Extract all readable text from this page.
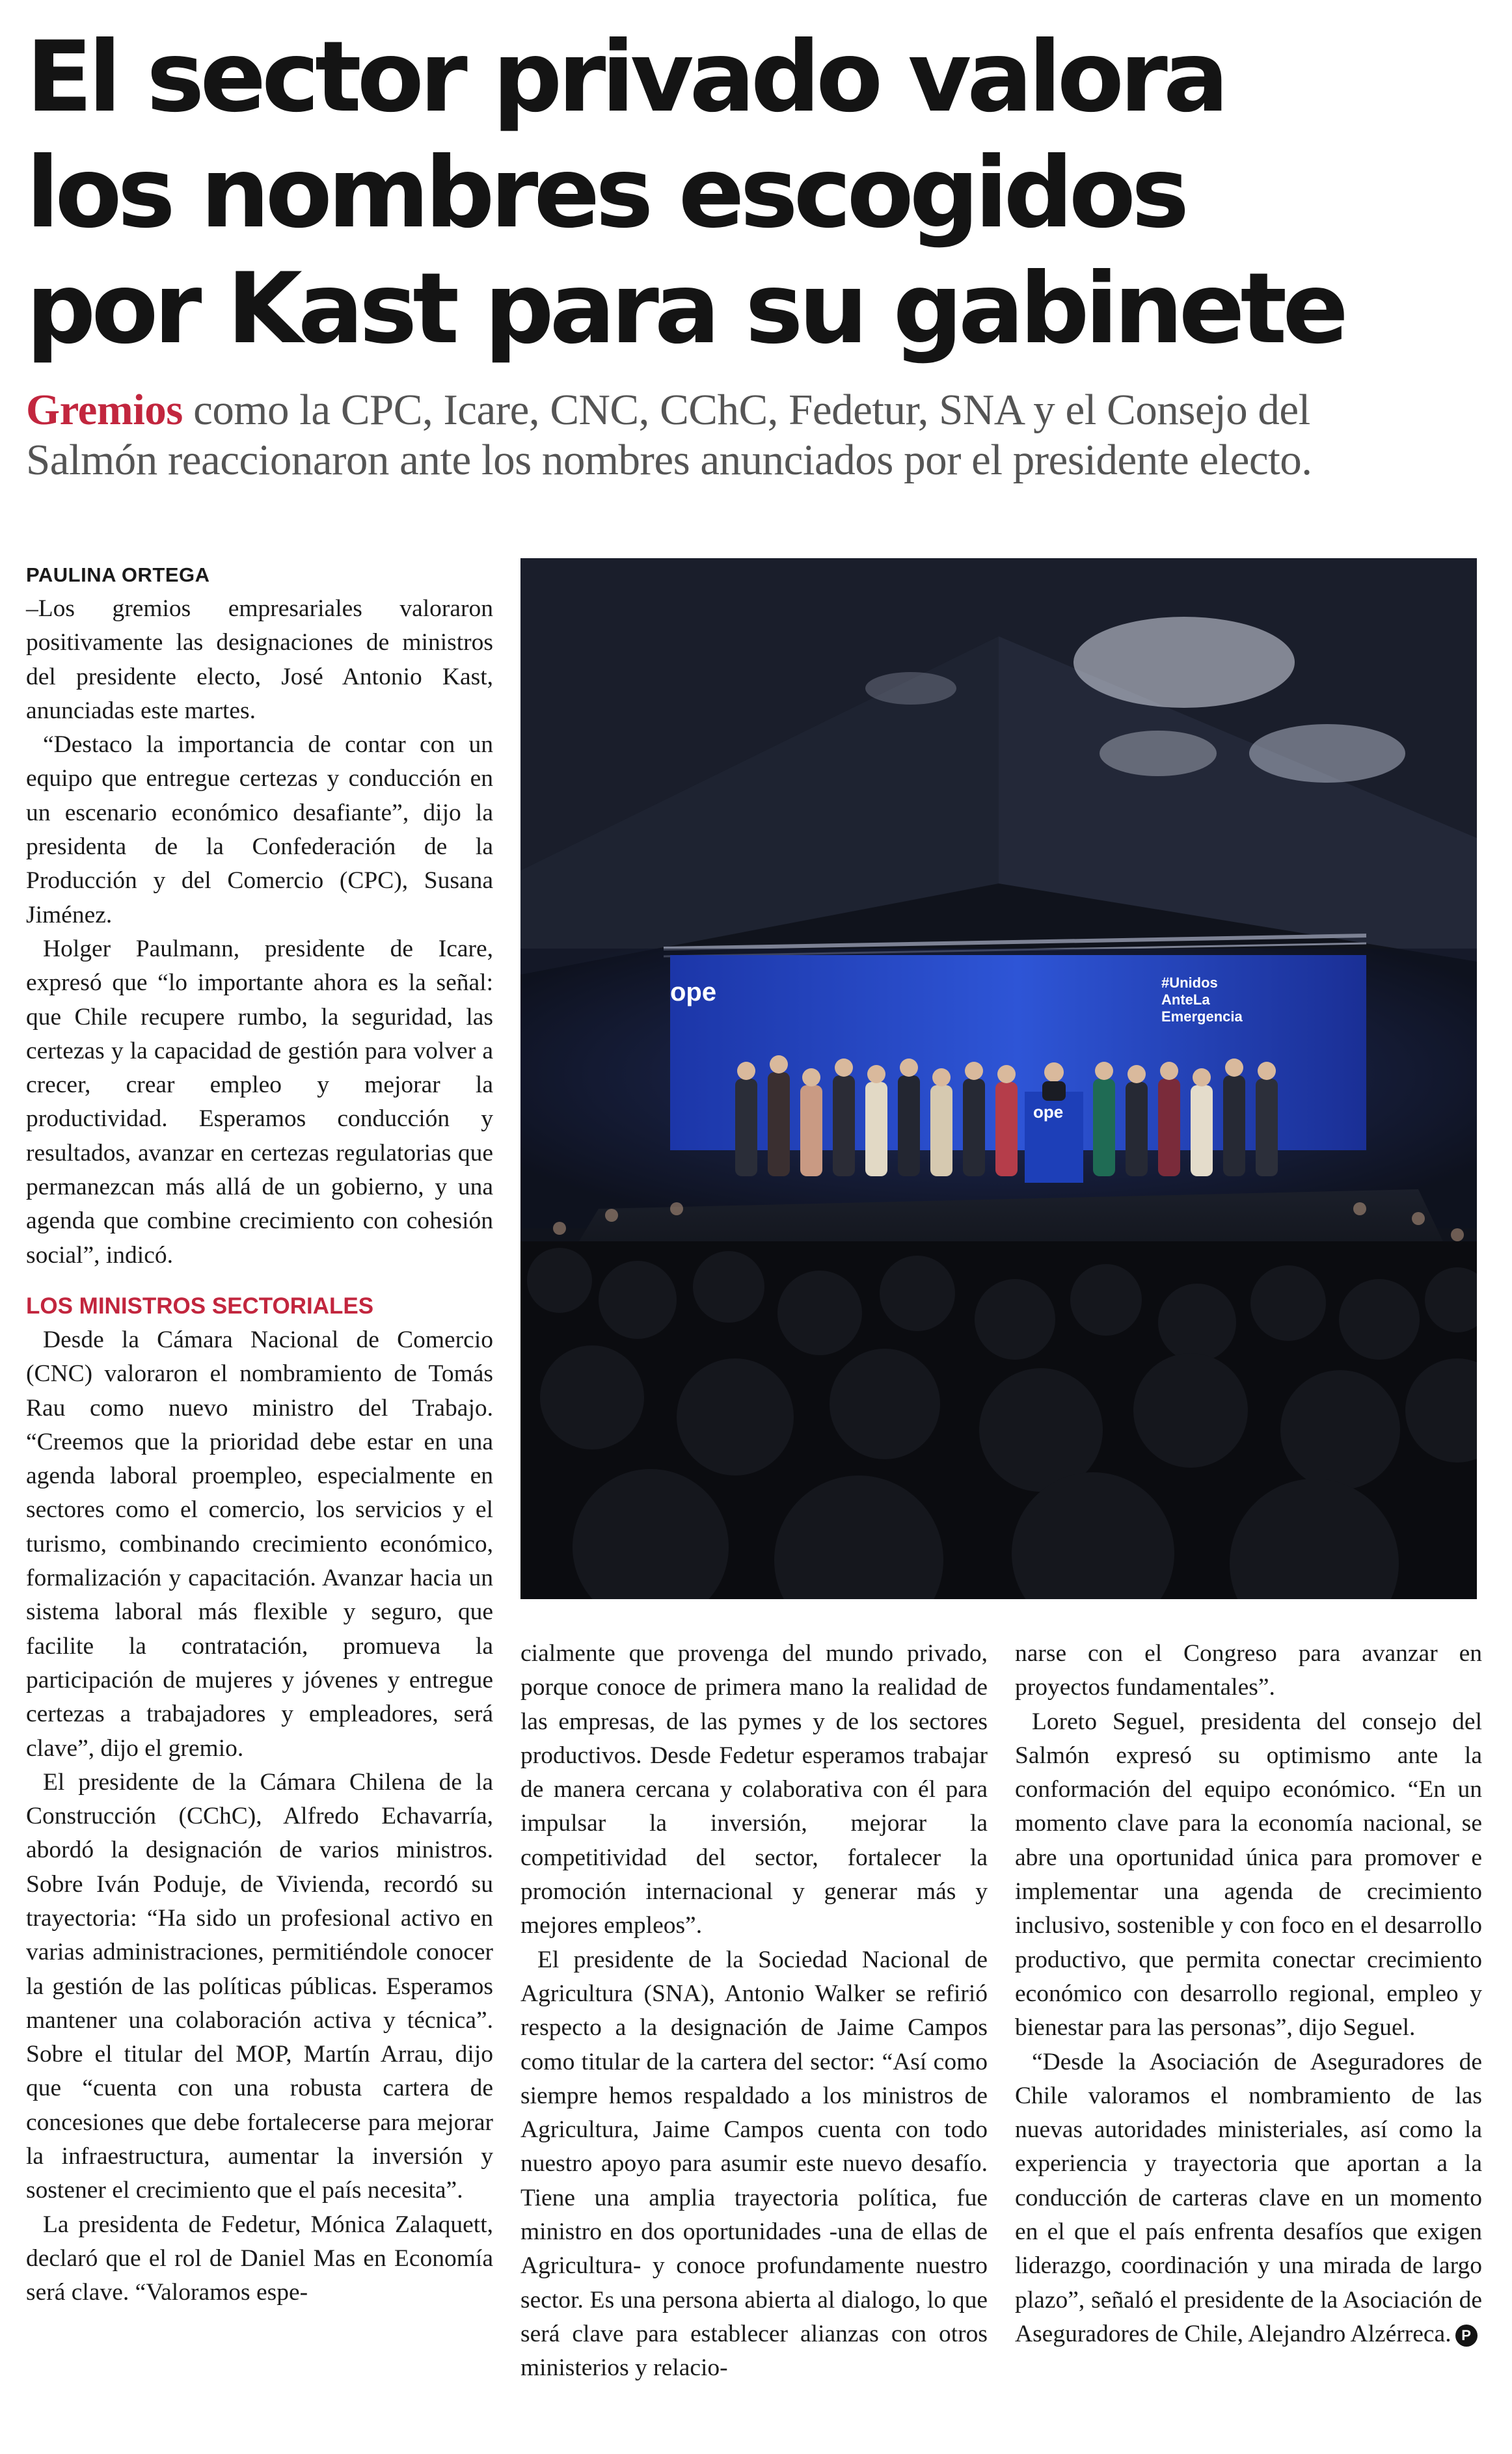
El sector privado valora
los nombres escogidos
por Kast para su gabinete
Gremios como la CPC, Icare, CNC, CChC, Fedetur, SNA y el Consejo del
Salmón reaccionaron ante los nombres anunciados por el presidente electo.
PAULINA ORTEGA

–Los gremios empresariales valoraron positivamente las designaciones de ministros del presidente electo, José Antonio Kast, anunciadas este martes.

“Destaco la importancia de contar con un equipo que entregue certezas y conducción en un escenario económico desafiante”, dijo la presidenta de la Confederación de la Producción y del Comercio (CPC), Susana Jiménez.

Holger Paulmann, presidente de Icare, expresó que “lo importante ahora es la señal: que Chile recupere rumbo, la seguridad, las certezas y la capacidad de gestión para volver a crecer, crear empleo y mejorar la productividad. Esperamos conducción y resultados, avanzar en certezas regulatorias que permanezcan más allá de un gobierno, y una agenda que combine crecimiento con cohesión social”, indicó.

LOS MINISTROS SECTORIALES

Desde la Cámara Nacional de Comercio (CNC) valoraron el nombramiento de Tomás Rau como nuevo ministro del Trabajo. “Creemos que la prioridad debe estar en una agenda laboral proempleo, especialmente en sectores como el comercio, los servicios y el turismo, combinando crecimiento económico, formalización y capacitación. Avanzar hacia un sistema laboral más flexible y seguro, que facilite la contratación, promueva la participación de mujeres y jóvenes y entregue certezas a trabajadores y empleadores, será clave”, dijo el gremio.

El presidente de la Cámara Chilena de la Construcción (CChC), Alfredo Echavarría, abordó la designación de varios ministros. Sobre Iván Poduje, de Vivienda, recordó su trayectoria: “Ha sido un profesional activo en varias administraciones, permitiéndole conocer la gestión de las políticas públicas. Esperamos mantener una colaboración activa y técnica”. Sobre el titular del MOP, Martín Arrau, dijo que “cuenta con una robusta cartera de concesiones que debe fortalecerse para mejorar la infraestructura, aumentar la inversión y sostener el crecimiento que el país necesita”.

La presidenta de Fedetur, Mónica Zalaquett, declaró que el rol de Daniel Mas en Economía será clave. “Valoramos espe-

ope	#Unidos
AnteLa
Emergencia
ope

cialmente que provenga del mundo privado, porque conoce de primera mano la realidad de las empresas, de las pymes y de los sectores productivos. Desde Fedetur esperamos trabajar de manera cercana y colaborativa con él para impulsar la inversión, mejorar la competitividad del sector, fortalecer la promoción internacional y generar más y mejores empleos”.

El presidente de la Sociedad Nacional de Agricultura (SNA), Antonio Walker se refirió respecto a la designación de Jaime Campos como titular de la cartera del sector: “Así como siempre hemos respaldado a los ministros de Agricultura, Jaime Campos cuenta con todo nuestro apoyo para asumir este nuevo desafío. Tiene una amplia trayectoria política, fue ministro en dos oportunidades -una de ellas de Agricultura- y conoce profundamente nuestro sector. Es una persona abierta al dialogo, lo que será clave para establecer alianzas con otros ministerios y relacio-

narse con el Congreso para avanzar en proyectos fundamentales”.

Loreto Seguel, presidenta del consejo del Salmón expresó su optimismo ante la conformación del equipo económico. “En un momento clave para la economía nacional, se abre una oportunidad única para promover e implementar una agenda de crecimiento inclusivo, sostenible y con foco en el desarrollo productivo, que permita conectar crecimiento económico con desarrollo regional, empleo y bienestar para las personas”, dijo Seguel.

“Desde la Asociación de Aseguradores de Chile valoramos el nombramiento de las nuevas autoridades ministeriales, así como la experiencia y trayectoria que aportan a la conducción de carteras clave en un momento en el que el país enfrenta desafíos que exigen liderazgo, coordinación y una mirada de largo plazo”, señaló el presidente de la Asociación de Aseguradores de Chile, Alejandro Alzérreca. P
